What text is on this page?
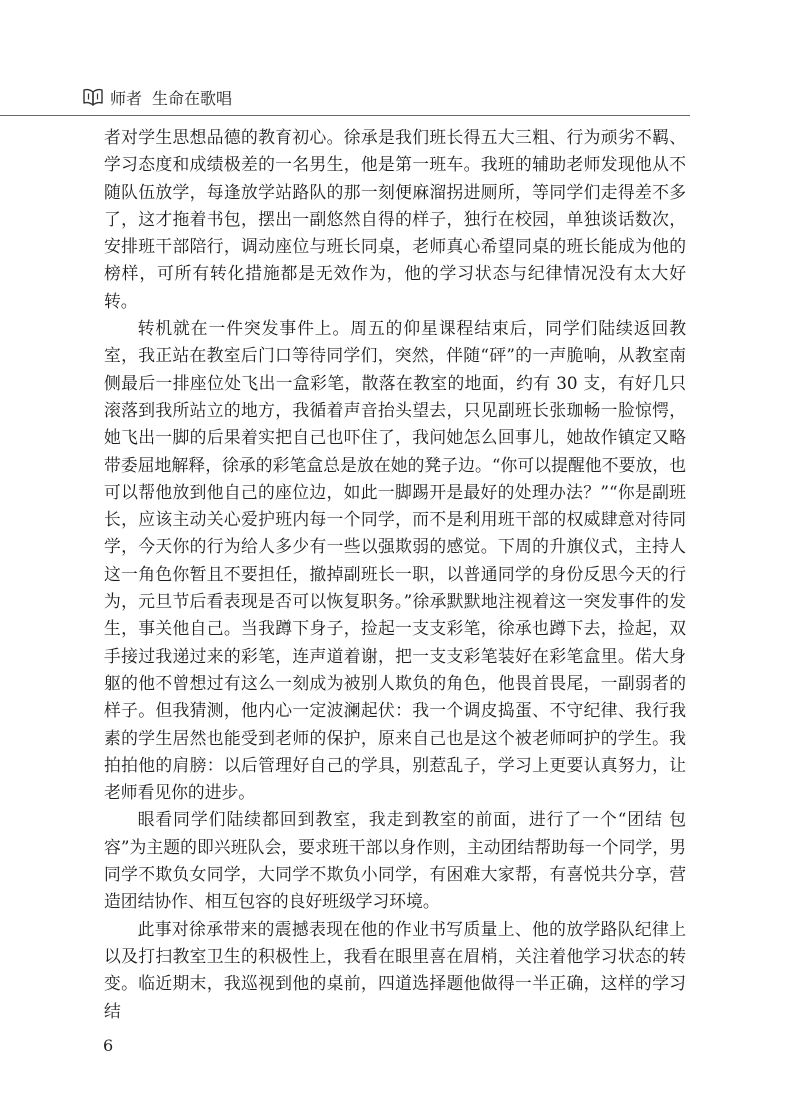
师者 生命在歌唱

者对学生思想品德的教育初心。徐承是我们班长得五大三粗、行为顽劣不羁、学习态度和成绩极差的一名男生，他是第一班车。我班的辅助老师发现他从不随队伍放学，每逢放学站路队的那一刻便麻溜拐进厕所，等同学们走得差不多了，这才拖着书包，摆出一副悠然自得的样子，独行在校园，单独谈话数次，安排班干部陪行，调动座位与班长同桌，老师真心希望同桌的班长能成为他的榜样，可所有转化措施都是无效作为，他的学习状态与纪律情况没有太大好转。

转机就在一件突发事件上。周五的仰星课程结束后，同学们陆续返回教室，我正站在教室后门口等待同学们，突然，伴随“砰”的一声脆响，从教室南侧最后一排座位处飞出一盒彩笔，散落在教室的地面，约有 30 支，有好几只滚落到我所站立的地方，我循着声音抬头望去，只见副班长张珈畅一脸惊愕，她飞出一脚的后果着实把自己也吓住了，我问她怎么回事儿，她故作镇定又略带委屈地解释，徐承的彩笔盒总是放在她的凳子边。“你可以提醒他不要放，也可以帮他放到他自己的座位边，如此一脚踢开是最好的处理办法？”“你是副班长，应该主动关心爱护班内每一个同学，而不是利用班干部的权威肆意对待同学，今天你的行为给人多少有一些以强欺弱的感觉。下周的升旗仪式，主持人这一角色你暂且不要担任，撤掉副班长一职，以普通同学的身份反思今天的行为，元旦节后看表现是否可以恢复职务。”徐承默默地注视着这一突发事件的发生，事关他自己。当我蹲下身子，捡起一支支彩笔，徐承也蹲下去，捡起，双手接过我递过来的彩笔，连声道着谢，把一支支彩笔装好在彩笔盒里。偌大身躯的他不曾想过有这么一刻成为被别人欺负的角色，他畏首畏尾，一副弱者的样子。但我猜测，他内心一定波澜起伏：我一个调皮捣蛋、不守纪律、我行我素的学生居然也能受到老师的保护，原来自己也是这个被老师呵护的学生。我拍拍他的肩膀：以后管理好自己的学具，别惹乱子，学习上更要认真努力，让老师看见你的进步。

眼看同学们陆续都回到教室，我走到教室的前面，进行了一个“团结 包容”为主题的即兴班队会，要求班干部以身作则，主动团结帮助每一个同学，男同学不欺负女同学，大同学不欺负小同学，有困难大家帮，有喜悦共分享，营造团结协作、相互包容的良好班级学习环境。

此事对徐承带来的震撼表现在他的作业书写质量上、他的放学路队纪律上以及打扫教室卫生的积极性上，我看在眼里喜在眉梢，关注着他学习状态的转变。临近期末，我巡视到他的桌前，四道选择题他做得一半正确，这样的学习结

6
